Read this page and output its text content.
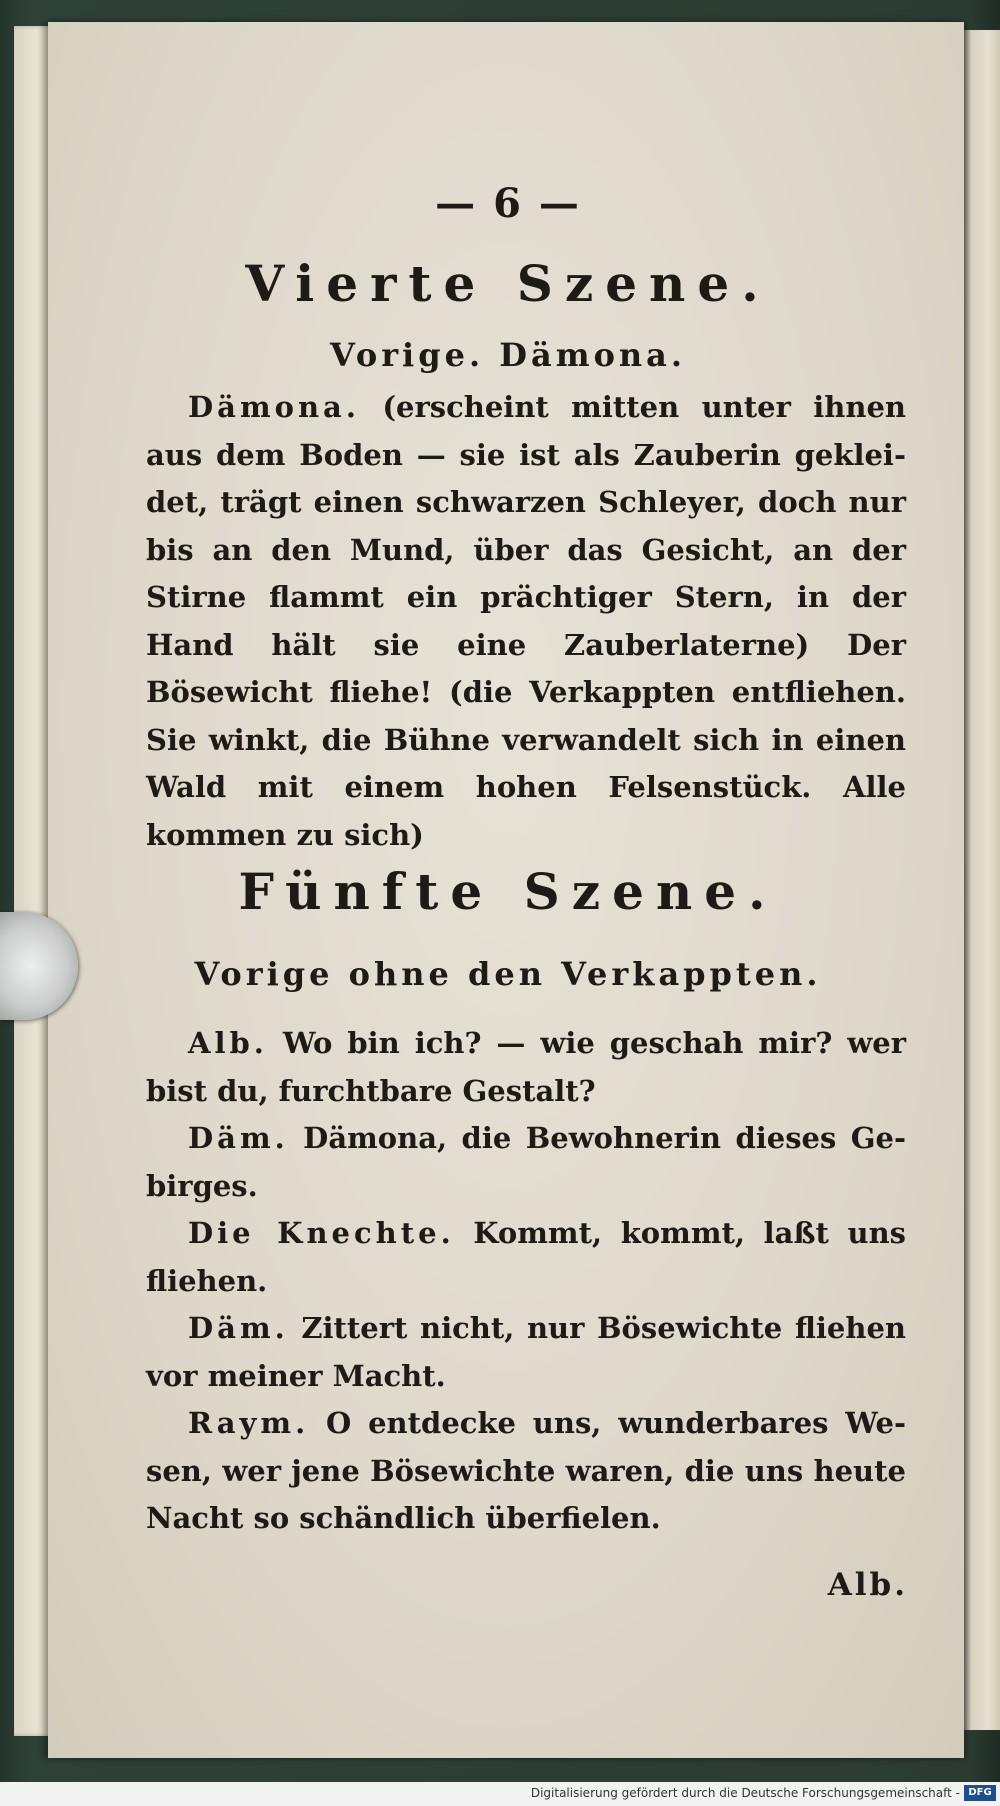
— 6 —
Vierte Szene.
Vorige. Dämona.

Dämona. (erscheint mitten unter ihnen aus dem Boden — sie ist als Zauberin gekleidet, trägt einen schwarzen Schleyer, doch nur bis an den Mund, über das Gesicht, an der Stirne flammt ein prächtiger Stern, in der Hand hält sie eine Zauberlaterne) Der Bösewicht fliehe! (die Verkappten entfliehen. Sie winkt, die Bühne verwandelt sich in einen Wald mit einem hohen Felsenstück. Alle kommen zu sich)

Fünfte Szene.
Vorige ohne den Verkappten.

Alb. Wo bin ich? — wie geschah mir? wer bist du, furchtbare Gestalt?

Däm. Dämona, die Bewohnerin dieses Gebirges.

Die Knechte. Kommt, kommt, laßt uns fliehen.

Däm. Zittert nicht, nur Bösewichte fliehen vor meiner Macht.

Raym. O entdecke uns, wunderbares Wesen, wer jene Bösewichte waren, die uns heute Nacht so schändlich überfielen.

Alb.
Digitalisierung gefördert durch die Deutsche Forschungsgemeinschaft - DFG
